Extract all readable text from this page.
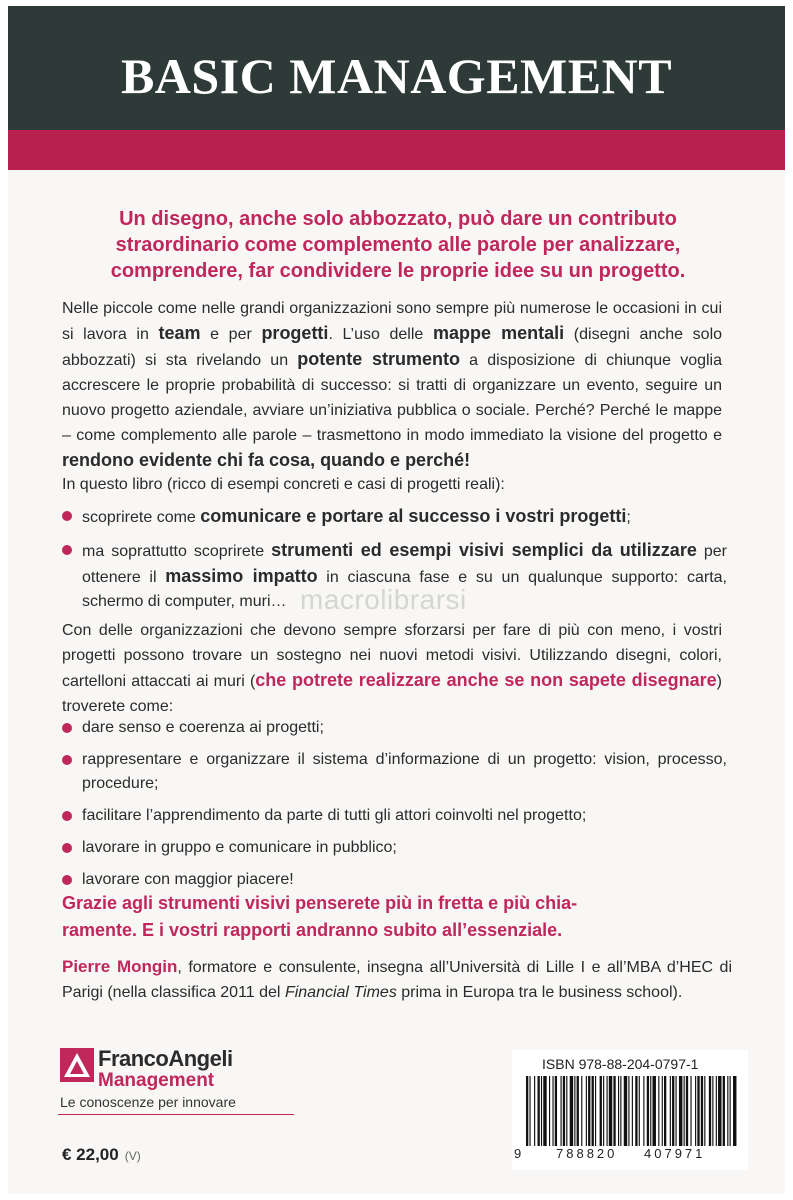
BASIC MANAGEMENT
Un disegno, anche solo abbozzato, può dare un contributo
straordinario come complemento alle parole per analizzare,
comprendere, far condividere le proprie idee su un progetto.
Nelle piccole come nelle grandi organizzazioni sono sempre più numerose le occasioni in cui si lavora in team e per progetti. L’uso delle mappe mentali (disegni anche solo abbozzati) si sta rivelando un potente strumento a disposizione di chiunque voglia accrescere le proprie probabilità di successo: si tratti di organizzare un evento, seguire un nuovo progetto aziendale, avviare un’iniziativa pubblica o sociale. Perché? Perché le mappe – come complemento alle parole – trasmettono in modo immediato la visione del progetto e rendono evidente chi fa cosa, quando e perché!
In questo libro (ricco di esempi concreti e casi di progetti reali):
scoprirete come comunicare e portare al successo i vostri progetti;
ma soprattutto scoprirete strumenti ed esempi visivi semplici da utilizzare per ottenere il massimo impatto in ciascuna fase e su un qualunque supporto: carta, schermo di computer, muri… macrolibrarsi
Con delle organizzazioni che devono sempre sforzarsi per fare di più con meno, i vostri progetti possono trovare un sostegno nei nuovi metodi visivi. Utilizzando disegni, colori, cartelloni attaccati ai muri (che potrete realizzare anche se non sapete disegnare) troverete come:
dare senso e coerenza ai progetti;
rappresentare e organizzare il sistema d’informazione di un progetto: vision, processo, procedure;
facilitare l’apprendimento da parte di tutti gli attori coinvolti nel progetto;
lavorare in gruppo e comunicare in pubblico;
lavorare con maggior piacere!
Grazie agli strumenti visivi penserete più in fretta e più chia-
ramente. E i vostri rapporti andranno subito all’essenziale.
Pierre Mongin, formatore e consulente, insegna all’Università di Lille I e all’MBA d’HEC di Parigi (nella classifica 2011 del Financial Times prima in Europa tra le business school).
FrancoAngeli
Management
Le conoscenze per innovare
€ 22,00 (V)
ISBN 978-88-204-0797-1
9	788820 407971
